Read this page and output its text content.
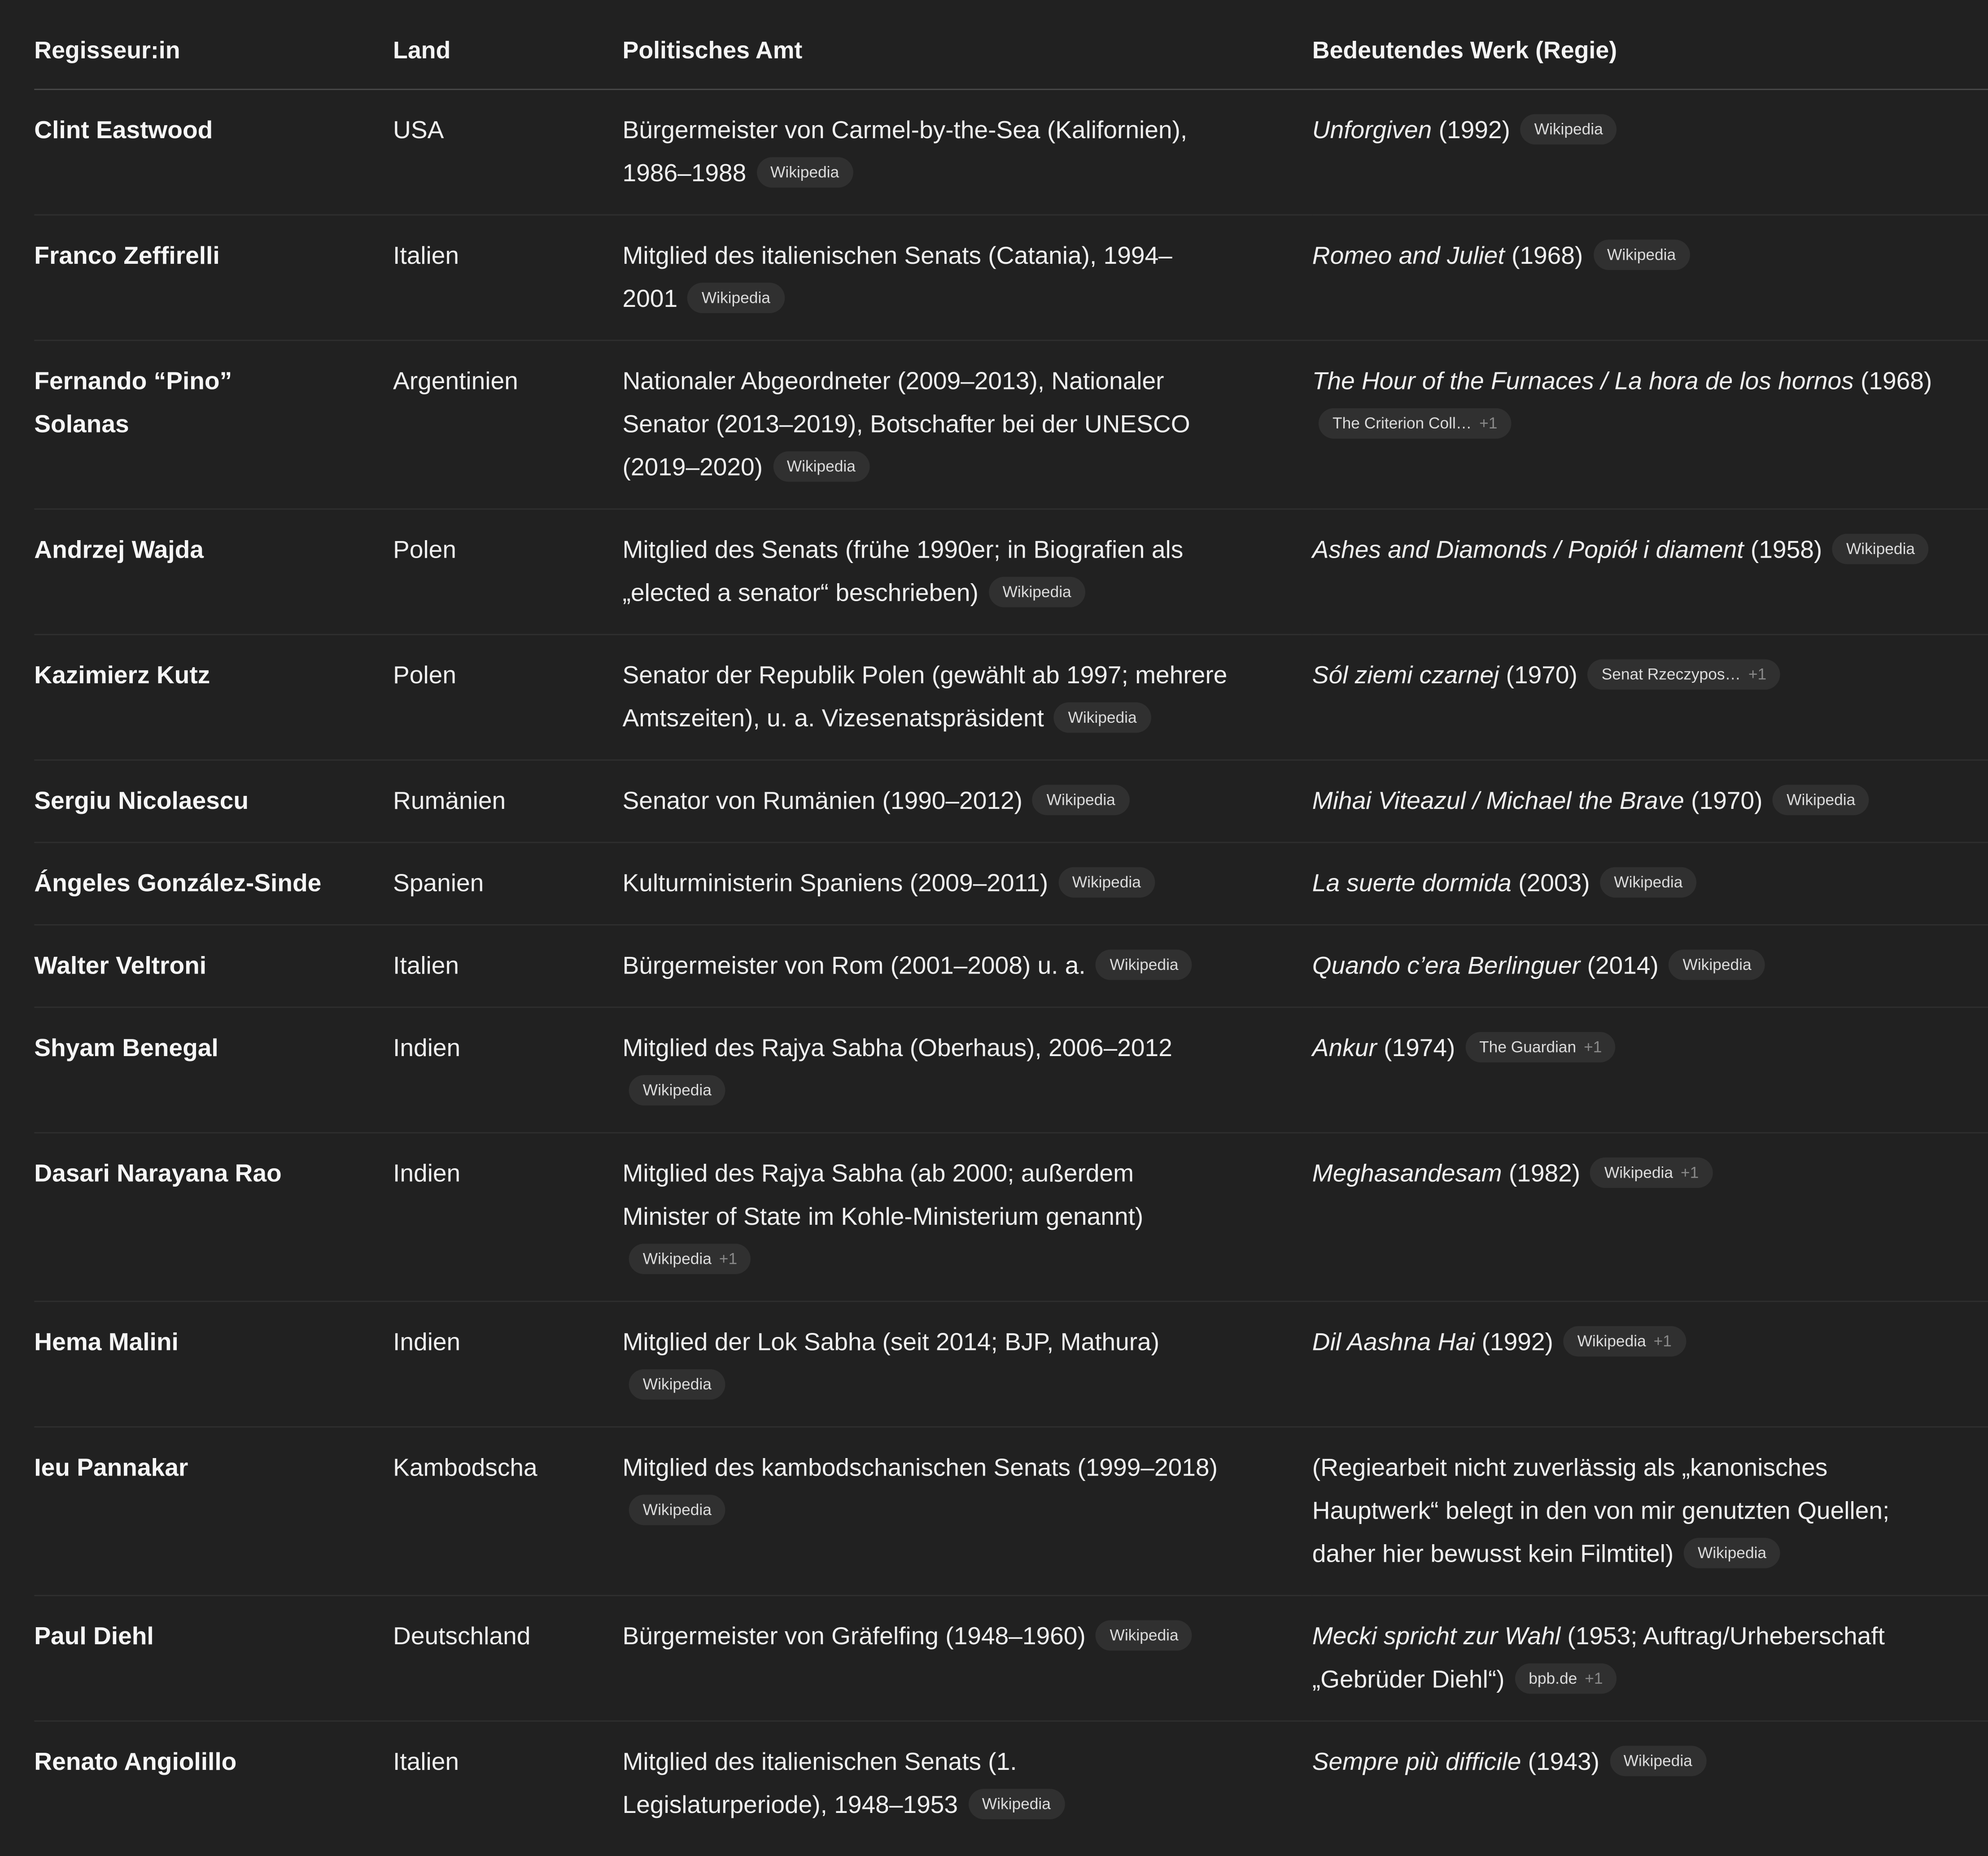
Regisseur:in	Land	Politisches Amt	Bedeutendes Werk (Regie)

Clint Eastwood	USA	Bürgermeister von Carmel-by-the-Sea (Kalifornien),
1986–1988 Wikipedia	Unforgiven (1992) Wikipedia

Franco Zeffirelli	Italien	Mitglied des italienischen Senats (Catania), 1994–
2001 Wikipedia	Romeo and Juliet (1968) Wikipedia

Fernando “Pino”
Solanas	Argentinien	Nationaler Abgeordneter (2009–2013), Nationaler
Senator (2013–2019), Botschafter bei der UNESCO
(2019–2020) Wikipedia	The Hour of the Furnaces / La hora de los hornos (1968)
The Criterion Coll… +1

Andrzej Wajda	Polen	Mitglied des Senats (frühe 1990er; in Biografien als
„elected a senator“ beschrieben) Wikipedia	Ashes and Diamonds / Popiół i diament (1958) Wikipedia

Kazimierz Kutz	Polen	Senator der Republik Polen (gewählt ab 1997; mehrere
Amtszeiten), u. a. Vizesenatspräsident Wikipedia	Sól ziemi czarnej (1970) Senat Rzeczypos… +1

Sergiu Nicolaescu	Rumänien	Senator von Rumänien (1990–2012) Wikipedia	Mihai Viteazul / Michael the Brave (1970) Wikipedia

Ángeles González-Sinde	Spanien	Kulturministerin Spaniens (2009–2011) Wikipedia	La suerte dormida (2003) Wikipedia

Walter Veltroni	Italien	Bürgermeister von Rom (2001–2008) u. a. Wikipedia	Quando c’era Berlinguer (2014) Wikipedia

Shyam Benegal	Indien	Mitglied des Rajya Sabha (Oberhaus), 2006–2012
Wikipedia	Ankur (1974) The Guardian +1

Dasari Narayana Rao	Indien	Mitglied des Rajya Sabha (ab 2000; außerdem
Minister of State im Kohle-Ministerium genannt)
Wikipedia +1	Meghasandesam (1982) Wikipedia +1

Hema Malini	Indien	Mitglied der Lok Sabha (seit 2014; BJP, Mathura)
Wikipedia	Dil Aashna Hai (1992) Wikipedia +1

Ieu Pannakar	Kambodscha	Mitglied des kambodschanischen Senats (1999–2018)
Wikipedia	(Regiearbeit nicht zuverlässig als „kanonisches
Hauptwerk“ belegt in den von mir genutzten Quellen;
daher hier bewusst kein Filmtitel) Wikipedia

Paul Diehl	Deutschland	Bürgermeister von Gräfelfing (1948–1960) Wikipedia	Mecki spricht zur Wahl (1953; Auftrag/Urheberschaft
„Gebrüder Diehl“) bpb.de +1

Renato Angiolillo	Italien	Mitglied des italienischen Senats (1.
Legislaturperiode), 1948–1953 Wikipedia	Sempre più difficile (1943) Wikipedia
